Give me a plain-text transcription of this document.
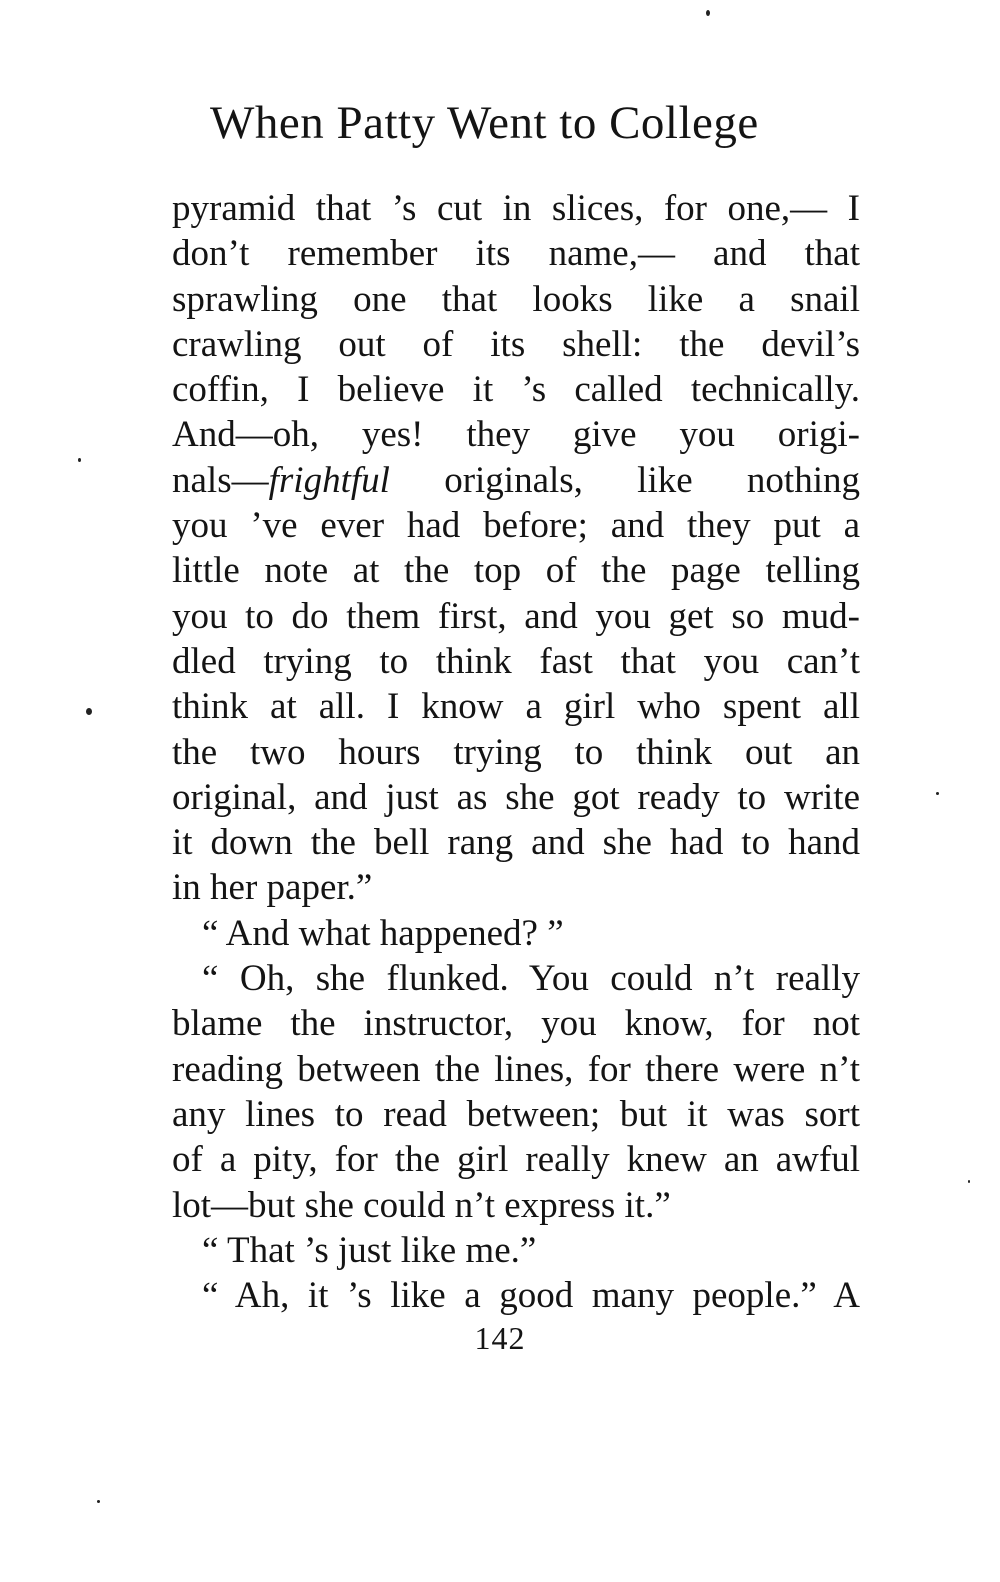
When Patty Went to College
pyramid that ’s cut in slices, for one,— I
don’t remember its name,— and that
sprawling one that looks like a snail
crawling out of its shell: the devil’s
coffin, I believe it ’s called technically.
And—oh, yes! they give you origi-
nals—frightful originals, like nothing
you ’ve ever had before; and they put a
little note at the top of the page telling
you to do them first, and you get so mud-
dled trying to think fast that you can’t
think at all. I know a girl who spent all
the two hours trying to think out an
original, and just as she got ready to write
it down the bell rang and she had to hand
in her paper.”
“ And what happened? ”
“ Oh, she flunked. You could n’t really
blame the instructor, you know, for not
reading between the lines, for there were n’t
any lines to read between; but it was sort
of a pity, for the girl really knew an awful
lot—but she could n’t express it.”
“ That ’s just like me.”
“ Ah, it ’s like a good many people.” A
142
